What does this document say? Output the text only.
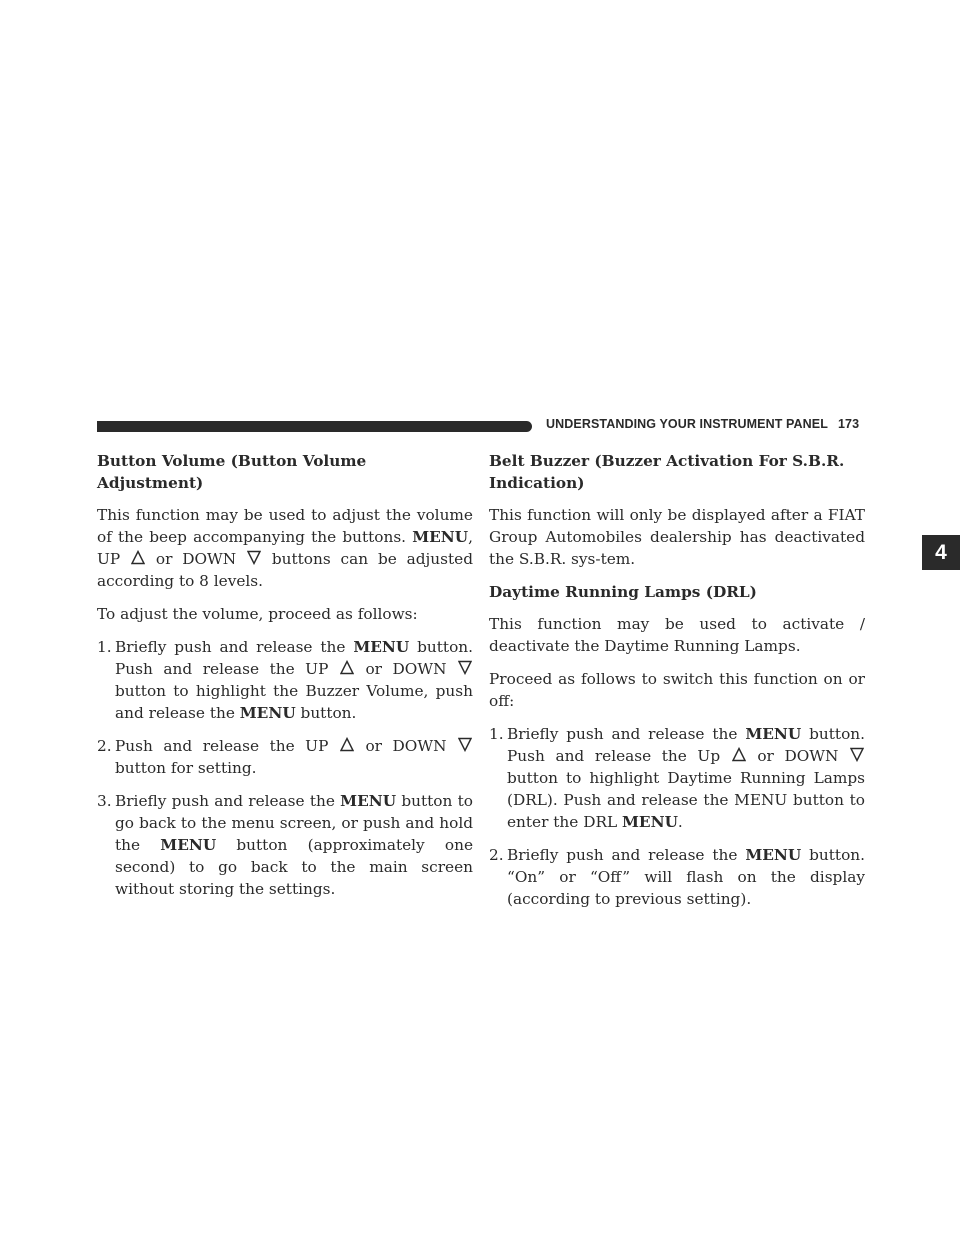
UNDERSTANDING YOUR INSTRUMENT PANEL 173
4
Button Volume (Button Volume Adjustment)

This function may be used to adjust the volume of the beep accompanying the buttons. MENU, UP
or DOWN
buttons can be adjusted according to 8 levels.

To adjust the volume, proceed as follows:

1. Briefly push and release the MENU button. Push and release the UP
or DOWN
button to highlight the Buzzer Volume, push and release the MENU button.
2. Push and release the UP
or DOWN
button for setting.
3. Briefly push and release the MENU button to go back to the menu screen, or push and hold the MENU button (approximately one second) to go back to the main screen without storing the settings.
Belt Buzzer (Buzzer Activation For S.B.R. Indication)

This function will only be displayed after a FIAT Group Automobiles dealership has deactivated the S.B.R. sys-tem.

Daytime Running Lamps (DRL)

This function may be used to activate / deactivate the Daytime Running Lamps.

Proceed as follows to switch this function on or off:

1. Briefly push and release the MENU button. Push and release the Up
or DOWN
button to highlight Daytime Running Lamps (DRL). Push and release the MENU button to enter the DRL MENU.
2. Briefly push and release the MENU button. “On” or “Off” will flash on the display (according to previous setting).
